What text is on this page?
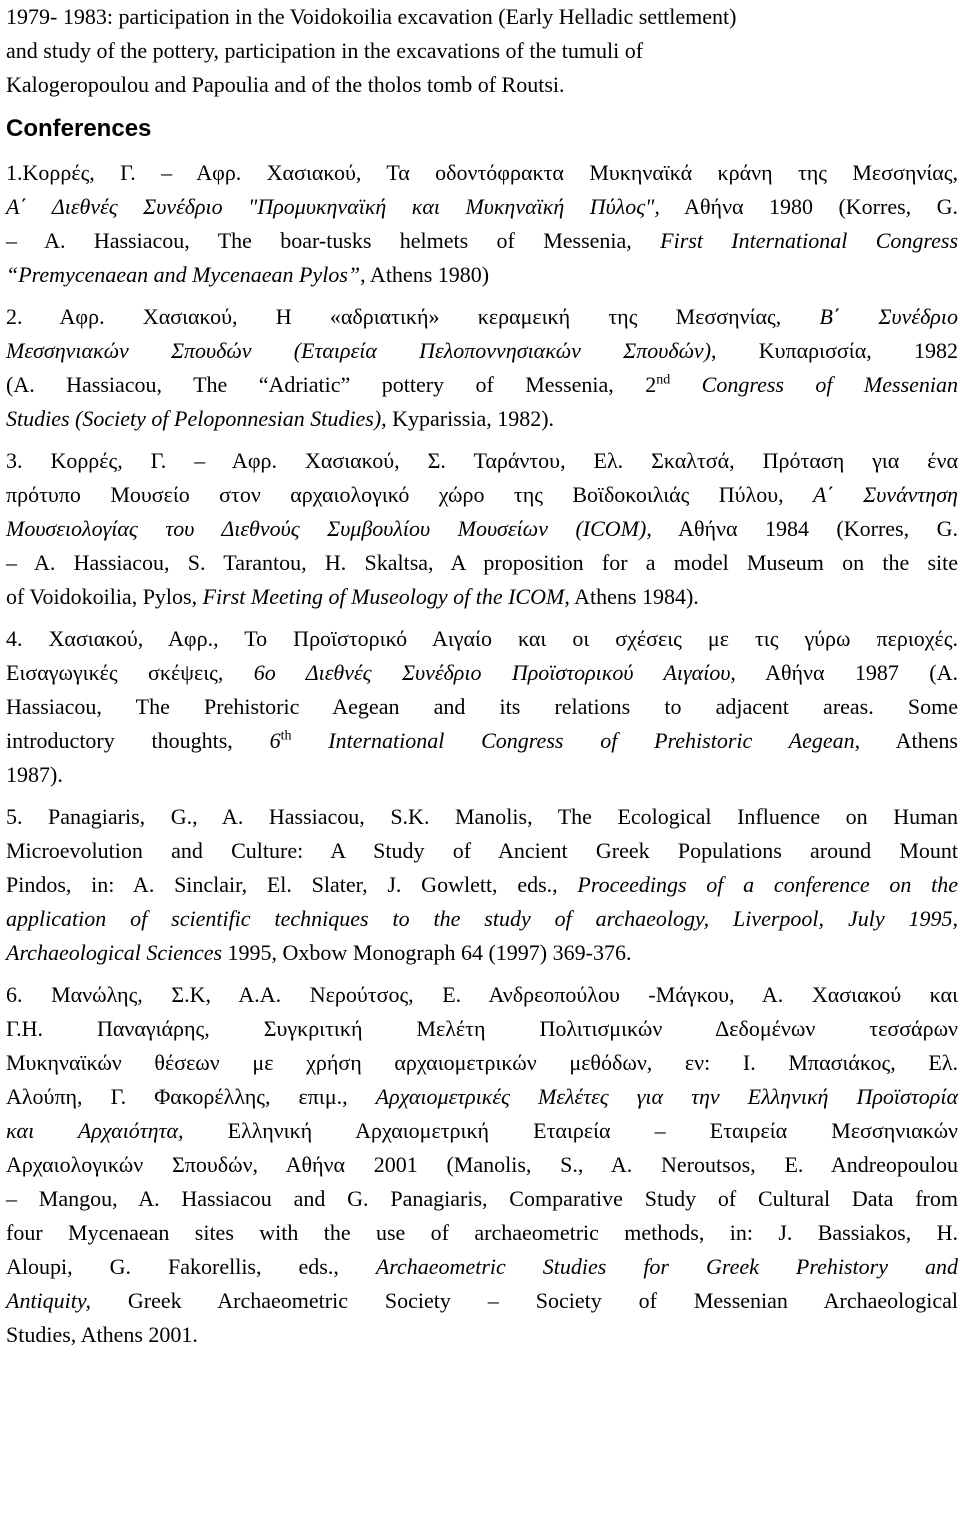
1979- 1983: participation in the Voidokoilia excavation (Early Helladic settlement)
and study of the pottery, participation in the excavations of the tumuli of
Kalogeropoulou and Papoulia and of the tholos tomb of Routsi.
Conferences
1.Κορρές, Γ. – Αφρ. Χασιακού, Τα οδοντόφρακτα Μυκηναϊκά κράνη της Μεσσηνίας,
Α΄ Διεθνές Συνέδριο "Προμυκηναϊκή και Μυκηναϊκή Πύλος", Αθήνα 1980 (Korres, G.
– A. Hassiacou, The boar-tusks helmets of Messenia, First International Congress
“Premycenaean and Mycenaean Pylos”, Athens 1980)
2. Αφρ. Χασιακού, Η «αδριατική» κεραμεική της Μεσσηνίας, Β΄ Συνέδριο
Μεσσηνιακών Σπουδών (Εταιρεία Πελοποννησιακών Σπουδών), Κυπαρισσία, 1982
(A. Hassiacou, The “Adriatic” pottery of Messenia, 2nd Congress of Messenian
Studies (Society of Peloponnesian Studies), Kyparissia, 1982).
3. Κορρές, Γ. – Αφρ. Χασιακού, Σ. Ταράντου, Ελ. Σκαλτσά, Πρόταση για ένα
πρότυπο Μουσείο στον αρχαιολογικό χώρο της Βοϊδοκοιλιάς Πύλου, Α΄ Συνάντηση
Μουσειολογίας του Διεθνούς Συμβουλίου Μουσείων (ICOM), Αθήνα 1984 (Korres, G.
– A. Hassiacou, S. Tarantou, H. Skaltsa, A proposition for a model Museum on the site
of Voidokoilia, Pylos, First Meeting of Museology of the ICOM, Athens 1984).
4. Χασιακού, Αφρ., Το Προϊστορικό Αιγαίο και οι σχέσεις με τις γύρω περιοχές.
Εισαγωγικές σκέψεις, 6ο Διεθνές Συνέδριο Προϊστορικού Αιγαίου, Αθήνα 1987 (A.
Hassiacou, The Prehistoric Aegean and its relations to adjacent areas. Some
introductory thoughts, 6th International Congress of Prehistoric Aegean, Athens
1987).
5. Panagiaris, G., A. Hassiacou, S.K. Manolis, The Ecological Influence on Human
Microevolution and Culture: A Study of Ancient Greek Populations around Mount
Pindos, in: A. Sinclair, El. Slater, J. Gowlett, eds., Proceedings of a conference on the
application of scientific techniques to the study of archaeology, Liverpool, July 1995,
Archaeological Sciences 1995, Oxbow Monograph 64 (1997) 369-376.
6. Μανώλης, Σ.Κ, Α.Α. Νερούτσος, Ε. Ανδρεοπούλου -Μάγκου, Α. Χασιακού και
Γ.Η. Παναγιάρης, Συγκριτική Μελέτη Πολιτισμικών Δεδομένων τεσσάρων
Μυκηναϊκών θέσεων με χρήση αρχαιομετρικών μεθόδων, εν: Ι. Μπασιάκος, Ελ.
Αλούπη, Γ. Φακορέλλης, επιμ., Αρχαιομετρικές Μελέτες για την Ελληνική Προϊστορία
και Αρχαιότητα, Ελληνική Αρχαιομετρική Εταιρεία – Εταιρεία Μεσσηνιακών
Αρχαιολογικών Σπουδών, Αθήνα 2001 (Manolis, S., A. Neroutsos, E. Andreopoulou
– Mangou, A. Hassiacou and G. Panagiaris, Comparative Study of Cultural Data from
four Mycenaean sites with the use of archaeometric methods, in: J. Bassiakos, H.
Aloupi, G. Fakorellis, eds., Archaeometric Studies for Greek Prehistory and
Antiquity, Greek Archaeometric Society – Society of Messenian Archaeological
Studies, Athens 2001.
